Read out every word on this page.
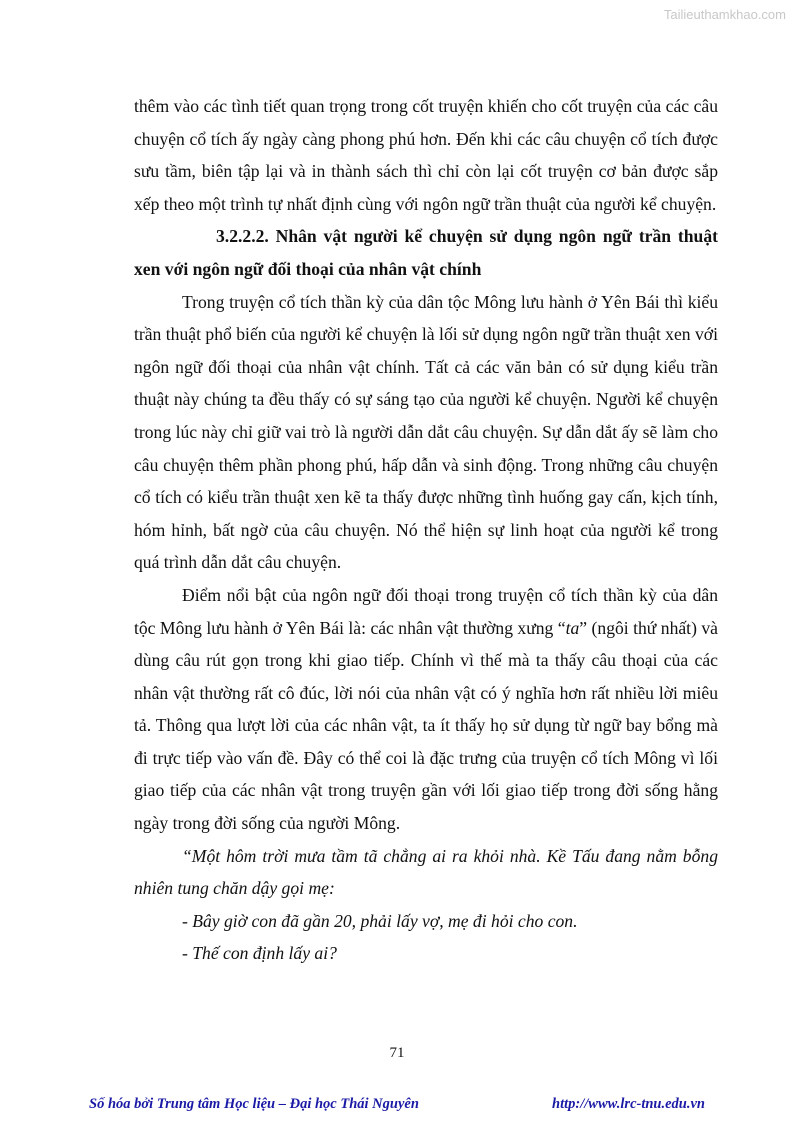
Tailieuthamkhao.com

thêm vào các tình tiết quan trọng trong cốt truyện khiến cho cốt truyện của các câu chuyện cổ tích ấy ngày càng phong phú hơn. Đến khi các câu chuyện cổ tích được sưu tầm, biên tập lại và in thành sách thì chỉ còn lại cốt truyện cơ bản được sắp xếp theo một trình tự nhất định cùng với ngôn ngữ trần thuật của người kể chuyện.

3.2.2.2. Nhân vật người kể chuyện sử dụng ngôn ngữ trần thuật xen với ngôn ngữ đối thoại của nhân vật chính

Trong truyện cổ tích thần kỳ của dân tộc Mông lưu hành ở Yên Bái thì kiểu trần thuật phổ biến của người kể chuyện là lối sử dụng ngôn ngữ trần thuật xen với ngôn ngữ đối thoại của nhân vật chính. Tất cả các văn bản có sử dụng kiểu trần thuật này chúng ta đều thấy có sự sáng tạo của người kể chuyện. Người kể chuyện trong lúc này chỉ giữ vai trò là người dẫn dắt câu chuyện. Sự dẫn dắt ấy sẽ làm cho câu chuyện thêm phần phong phú, hấp dẫn và sinh động. Trong những câu chuyện cổ tích có kiểu trần thuật xen kẽ ta thấy được những tình huống gay cấn, kịch tính, hóm hỉnh, bất ngờ của câu chuyện. Nó thể hiện sự linh hoạt của người kể trong quá trình dẫn dắt câu chuyện.

Điểm nổi bật của ngôn ngữ đối thoại trong truyện cổ tích thần kỳ của dân tộc Mông lưu hành ở Yên Bái là: các nhân vật thường xưng “ta” (ngôi thứ nhất) và dùng câu rút gọn trong khi giao tiếp. Chính vì thế mà ta thấy câu thoại của các nhân vật thường rất cô đúc, lời nói của nhân vật có ý nghĩa hơn rất nhiều lời miêu tả. Thông qua lượt lời của các nhân vật, ta ít thấy họ sử dụng từ ngữ bay bổng mà đi trực tiếp vào vấn đề. Đây có thể coi là đặc trưng của truyện cổ tích Mông vì lối giao tiếp của các nhân vật trong truyện gần với lối giao tiếp trong đời sống hằng ngày trong đời sống của người Mông.

“Một hôm trời mưa tầm tã chẳng ai ra khỏi nhà. Kề Tấu đang nằm bỗng nhiên tung chăn dậy gọi mẹ:

- Bây giờ con đã gần 20, phải lấy vợ, mẹ đi hỏi cho con.

- Thế con định lấy ai?

71
Số hóa bởi Trung tâm Học liệu – Đại học Thái Nguyên	http://www.lrc-tnu.edu.vn
